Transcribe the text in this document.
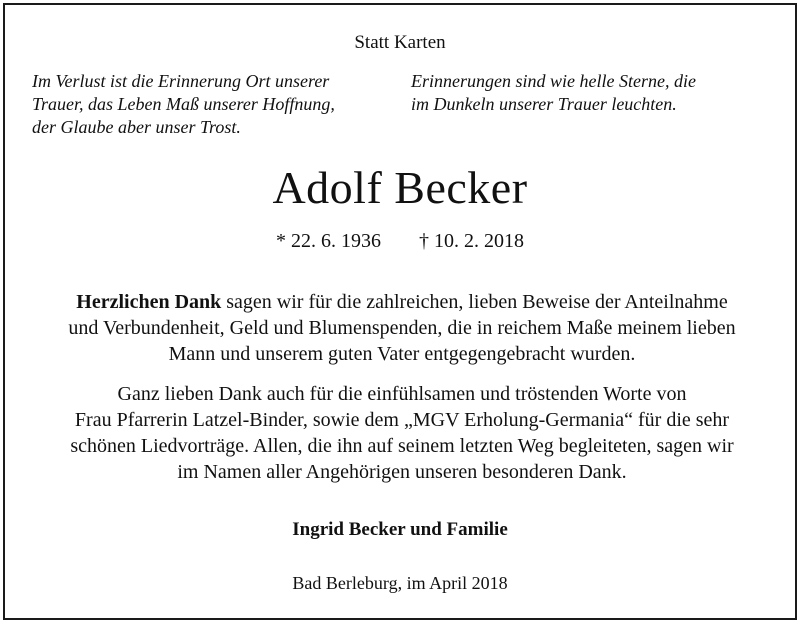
Statt Karten
Im Verlust ist die Erinnerung Ort unserer
Trauer, das Leben Maß unserer Hoffnung,
der Glaube aber unser Trost.
Erinnerungen sind wie helle Sterne, die
im Dunkeln unserer Trauer leuchten.
Adolf Becker
* 22. 6. 1936 † 10. 2. 2018
Herzlichen Dank sagen wir für die zahlreichen, lieben Beweise der Anteilnahme
und Verbundenheit, Geld und Blumenspenden, die in reichem Maße meinem lieben
Mann und unserem guten Vater entgegengebracht wurden.
Ganz lieben Dank auch für die einfühlsamen und tröstenden Worte von
Frau Pfarrerin Latzel-Binder, sowie dem „MGV Erholung-Germania“ für die sehr
schönen Liedvorträge. Allen, die ihn auf seinem letzten Weg begleiteten, sagen wir
im Namen aller Angehörigen unseren besonderen Dank.
Ingrid Becker und Familie
Bad Berleburg, im April 2018
